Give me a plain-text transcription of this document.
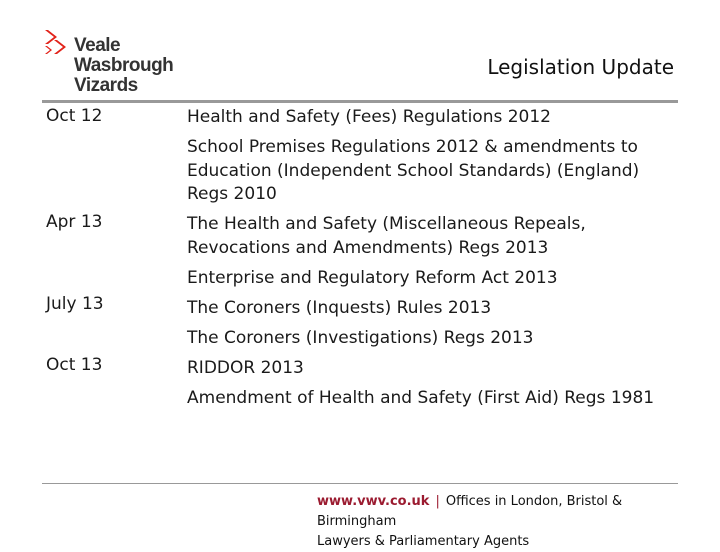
Veale Wasbrough
Vizards
Legislation Update
Oct 12
Apr 13
July 13
Oct 13
Health and Safety (Fees) Regulations 2012
School Premises Regulations 2012 & amendments to Education (Independent School Standards) (England) Regs 2010
The Health and Safety (Miscellaneous Repeals, Revocations and Amendments) Regs 2013
Enterprise and Regulatory Reform Act 2013
The Coroners (Inquests) Rules 2013
The Coroners (Investigations) Regs 2013
RIDDOR 2013
Amendment of Health and Safety (First Aid) Regs 1981
www.vwv.co.uk | Offices in London, Bristol & Birmingham
Lawyers & Parliamentary Agents
